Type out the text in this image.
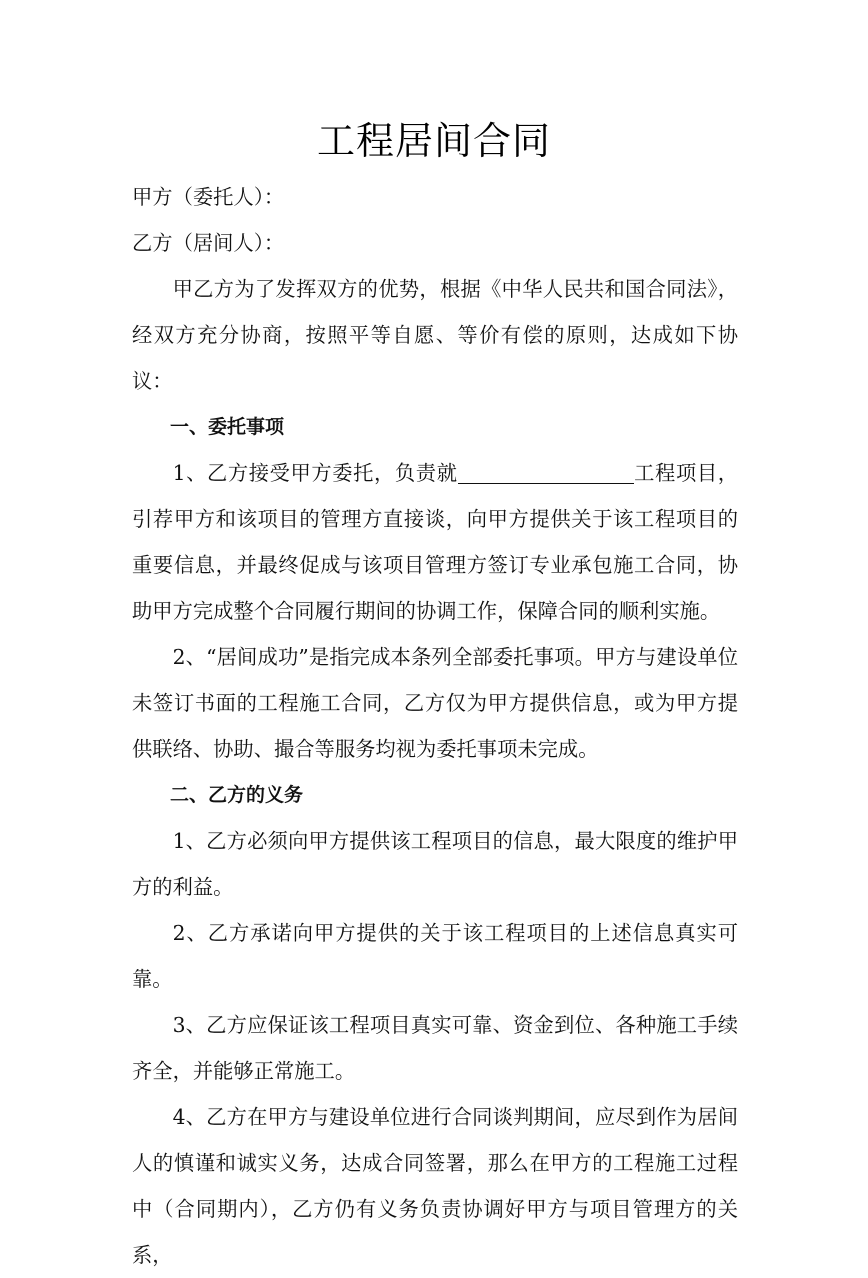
工程居间合同

甲方（委托人）：

乙方（居间人）：

甲乙方为了发挥双方的优势，根据《中华人民共和国合同法》，经双方充分协商，按照平等自愿、等价有偿的原则，达成如下协议：

一、委托事项

1、乙方接受甲方委托，负责就	工程项目，引荐甲方和该项目的管理方直接谈，向甲方提供关于该工程项目的重要信息，并最终促成与该项目管理方签订专业承包施工合同，协助甲方完成整个合同履行期间的协调工作，保障合同的顺利实施。

2、“居间成功”是指完成本条列全部委托事项。甲方与建设单位未签订书面的工程施工合同，乙方仅为甲方提供信息，或为甲方提供联络、协助、撮合等服务均视为委托事项未完成。

二、乙方的义务

1、乙方必须向甲方提供该工程项目的信息，最大限度的维护甲方的利益。

2、乙方承诺向甲方提供的关于该工程项目的上述信息真实可靠。

3、乙方应保证该工程项目真实可靠、资金到位、各种施工手续齐全，并能够正常施工。

4、乙方在甲方与建设单位进行合同谈判期间，应尽到作为居间人的慎谨和诚实义务，达成合同签署，那么在甲方的工程施工过程中（合同期内），乙方仍有义务负责协调好甲方与项目管理方的关系，
